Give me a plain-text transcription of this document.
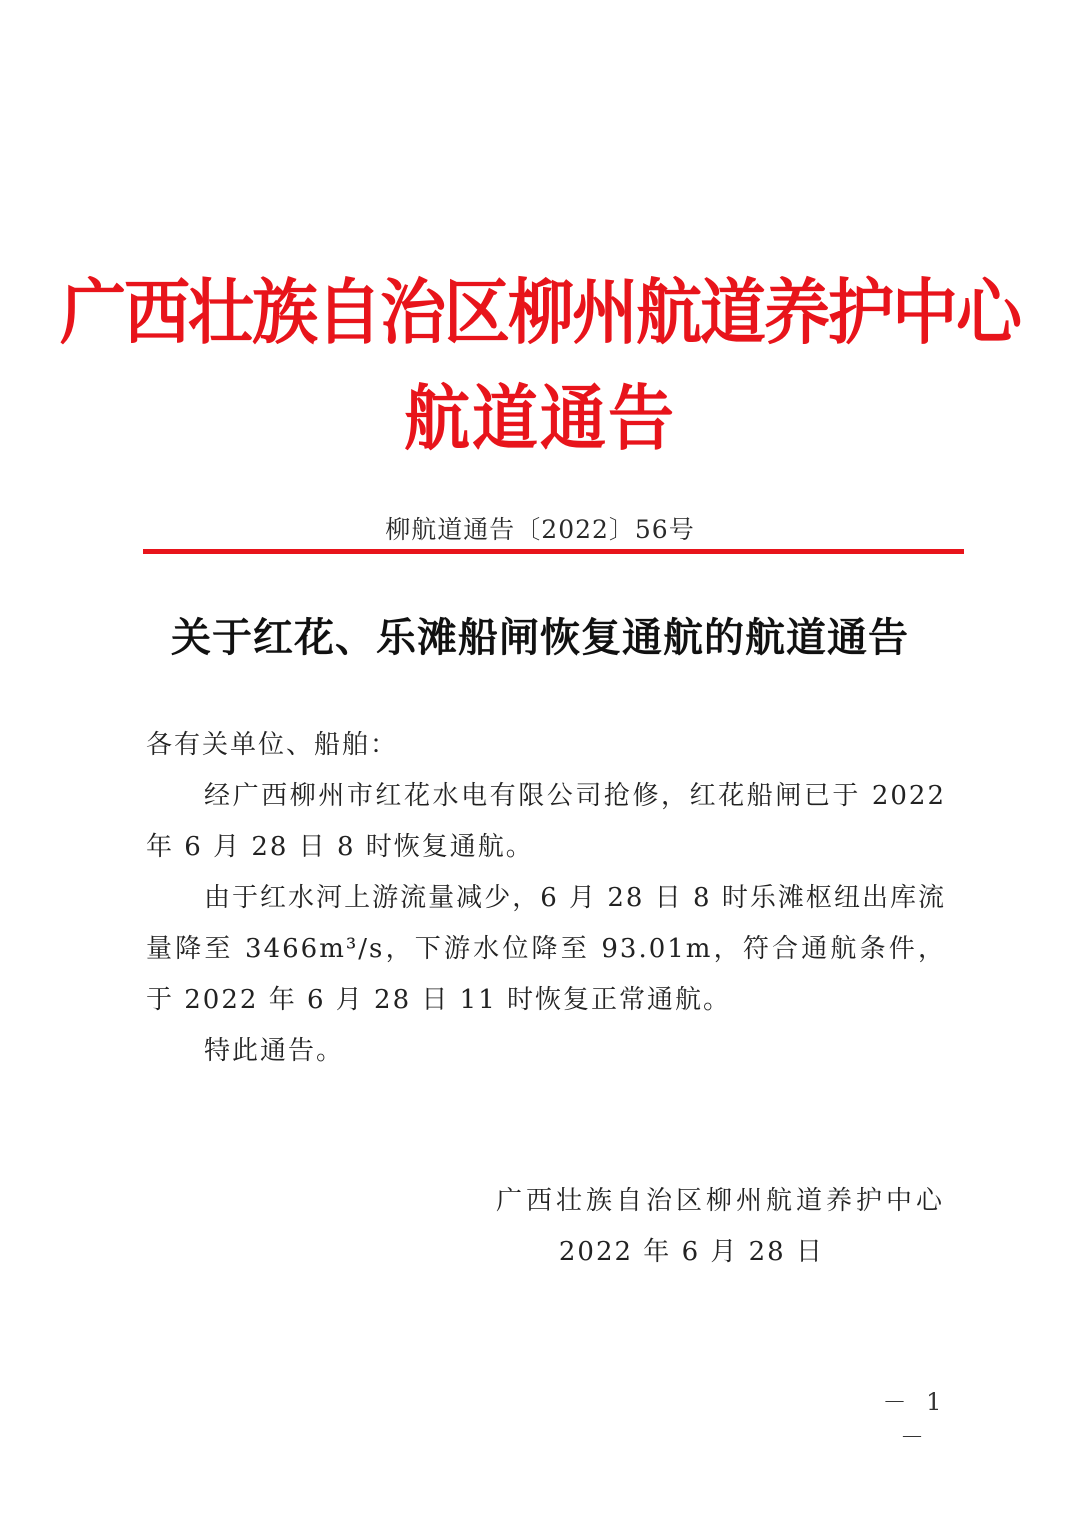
广西壮族自治区柳州航道养护中心
航道通告
柳航道通告〔2022〕56号
关于红花、乐滩船闸恢复通航的航道通告

各有关单位、船舶：

经广西柳州市红花水电有限公司抢修，红花船闸已于 2022 年 6 月 28 日 8 时恢复通航。

由于红水河上游流量减少，6 月 28 日 8 时乐滩枢纽出库流量降至 3466m³/s，下游水位降至 93.01m，符合通航条件，于 2022 年 6 月 28 日 11 时恢复正常通航。

特此通告。

广西壮族自治区柳州航道养护中心
2022 年 6 月 28 日
－ 1 －
